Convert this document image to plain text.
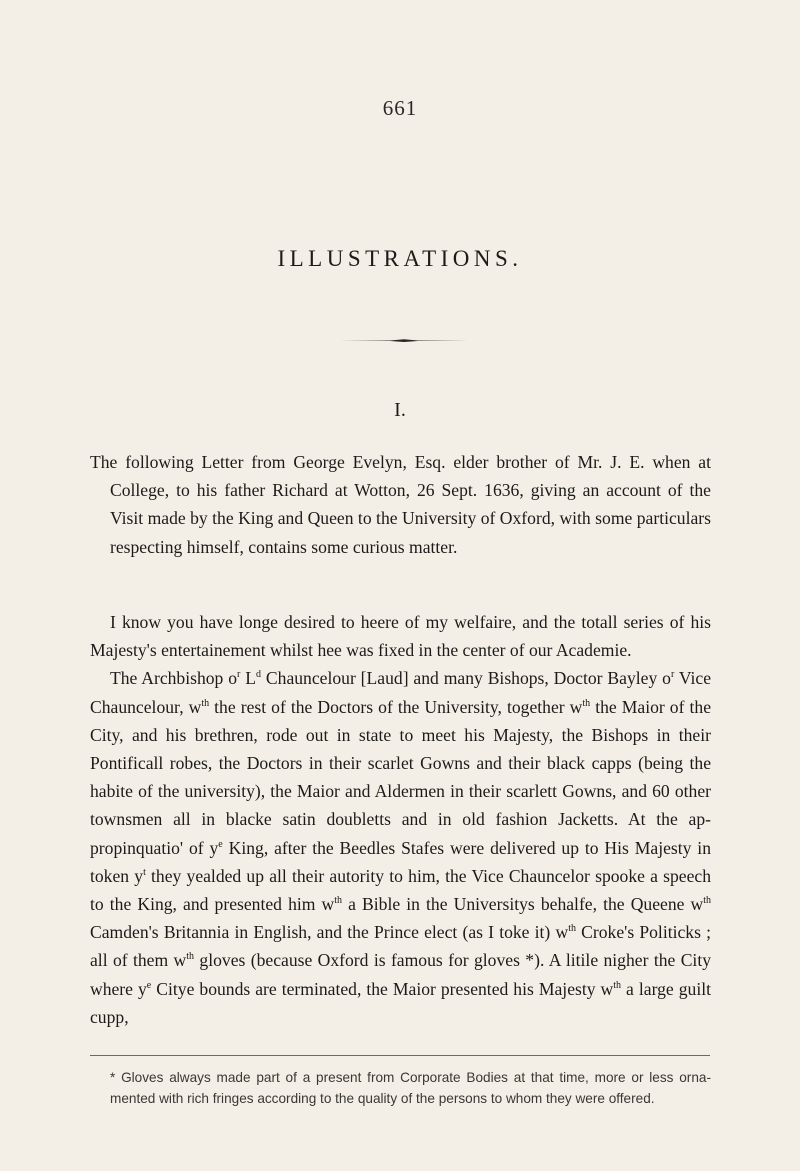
661
ILLUSTRATIONS.
I.

The following Letter from George Evelyn, Esq. elder brother of Mr. J. E. when at College, to his father Richard at Wotton, 26 Sept. 1636, giving an account of the Visit made by the King and Queen to the University of Oxford, with some particulars respecting himself, contains some curious matter.

I know you have longe desired to heere of my welfaire, and the totall series of his Majesty's entertainement whilst hee was fixed in the center of our Academie.

The Archbishop $o^r$ $L^d$ Chauncelour [Laud] and many Bishops, Doctor Bayley $o^r$ Vice Chauncelour, $w^{th}$ the rest of the Doctors of the University, together $w^{th}$ the Maior of the City, and his brethren, rode out in state to meet his Majesty, the Bishops in their Pontificall robes, the Doctors in their scarlet Gowns and their black capps (being the habite of the university), the Maior and Aldermen in their scarlett Gowns, and 60 other townsmen all in blacke satin doubletts and in old fashion Jacketts. At the appropinquatio' of $y^e$ King, after the Beedles Stafes were delivered up to His Majesty in token $y^t$ they yealded up all their autority to him, the Vice Chauncelor spooke a speech to the King, and presented him $w^{th}$ a Bible in the Universitys behalfe, the Queene $w^{th}$ Camden's Britannia in English, and the Prince elect (as I toke it) $w^{th}$ Croke's Politicks ; all of them $w^{th}$ gloves (because Oxford is famous for gloves *). A litile nigher the City where $y^e$ Citye bounds are terminated, the Maior presented his Majesty $w^{th}$ a large guilt cupp,

* Gloves always made part of a present from Corporate Bodies at that time, more or less ornamented with rich fringes according to the quality of the persons to whom they were offered.
